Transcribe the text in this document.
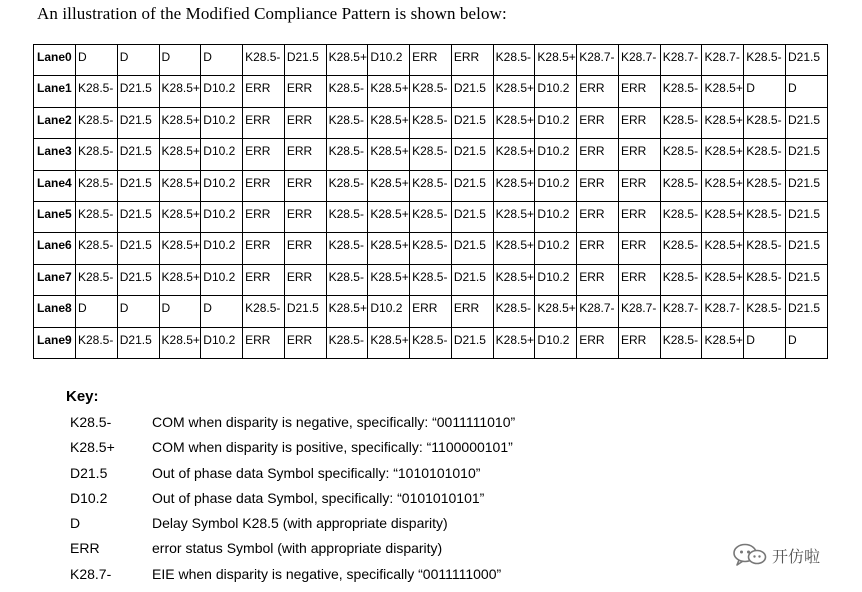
An illustration of the Modified Compliance Pattern is shown below:
Lane0	D	D	D	D	K28.5-	D21.5	K28.5+	D10.2	ERR	ERR	K28.5-	K28.5+	K28.7-	K28.7-	K28.7-	K28.7-	K28.5-	D21.5

Lane1	K28.5-	D21.5	K28.5+	D10.2	ERR	ERR	K28.5-	K28.5+	K28.5-	D21.5	K28.5+	D10.2	ERR	ERR	K28.5-	K28.5+	D	D

Lane2	K28.5-	D21.5	K28.5+	D10.2	ERR	ERR	K28.5-	K28.5+	K28.5-	D21.5	K28.5+	D10.2	ERR	ERR	K28.5-	K28.5+	K28.5-	D21.5

Lane3	K28.5-	D21.5	K28.5+	D10.2	ERR	ERR	K28.5-	K28.5+	K28.5-	D21.5	K28.5+	D10.2	ERR	ERR	K28.5-	K28.5+	K28.5-	D21.5

Lane4	K28.5-	D21.5	K28.5+	D10.2	ERR	ERR	K28.5-	K28.5+	K28.5-	D21.5	K28.5+	D10.2	ERR	ERR	K28.5-	K28.5+	K28.5-	D21.5

Lane5	K28.5-	D21.5	K28.5+	D10.2	ERR	ERR	K28.5-	K28.5+	K28.5-	D21.5	K28.5+	D10.2	ERR	ERR	K28.5-	K28.5+	K28.5-	D21.5

Lane6	K28.5-	D21.5	K28.5+	D10.2	ERR	ERR	K28.5-	K28.5+	K28.5-	D21.5	K28.5+	D10.2	ERR	ERR	K28.5-	K28.5+	K28.5-	D21.5

Lane7	K28.5-	D21.5	K28.5+	D10.2	ERR	ERR	K28.5-	K28.5+	K28.5-	D21.5	K28.5+	D10.2	ERR	ERR	K28.5-	K28.5+	K28.5-	D21.5

Lane8	D	D	D	D	K28.5-	D21.5	K28.5+	D10.2	ERR	ERR	K28.5-	K28.5+	K28.7-	K28.7-	K28.7-	K28.7-	K28.5-	D21.5

Lane9	K28.5-	D21.5	K28.5+	D10.2	ERR	ERR	K28.5-	K28.5+	K28.5-	D21.5	K28.5+	D10.2	ERR	ERR	K28.5-	K28.5+	D	D
Key:
K28.5-	COM when disparity is negative, specifically: “0011111010”
K28.5+	COM when disparity is positive, specifically: “1100000101”
D21.5	Out of phase data Symbol specifically: “1010101010”
D10.2	Out of phase data Symbol, specifically: “0101010101”
D	Delay Symbol K28.5 (with appropriate disparity)
ERR	error status Symbol (with appropriate disparity)
K28.7-	EIE when disparity is negative, specifically “0011111000”
开仿啦
